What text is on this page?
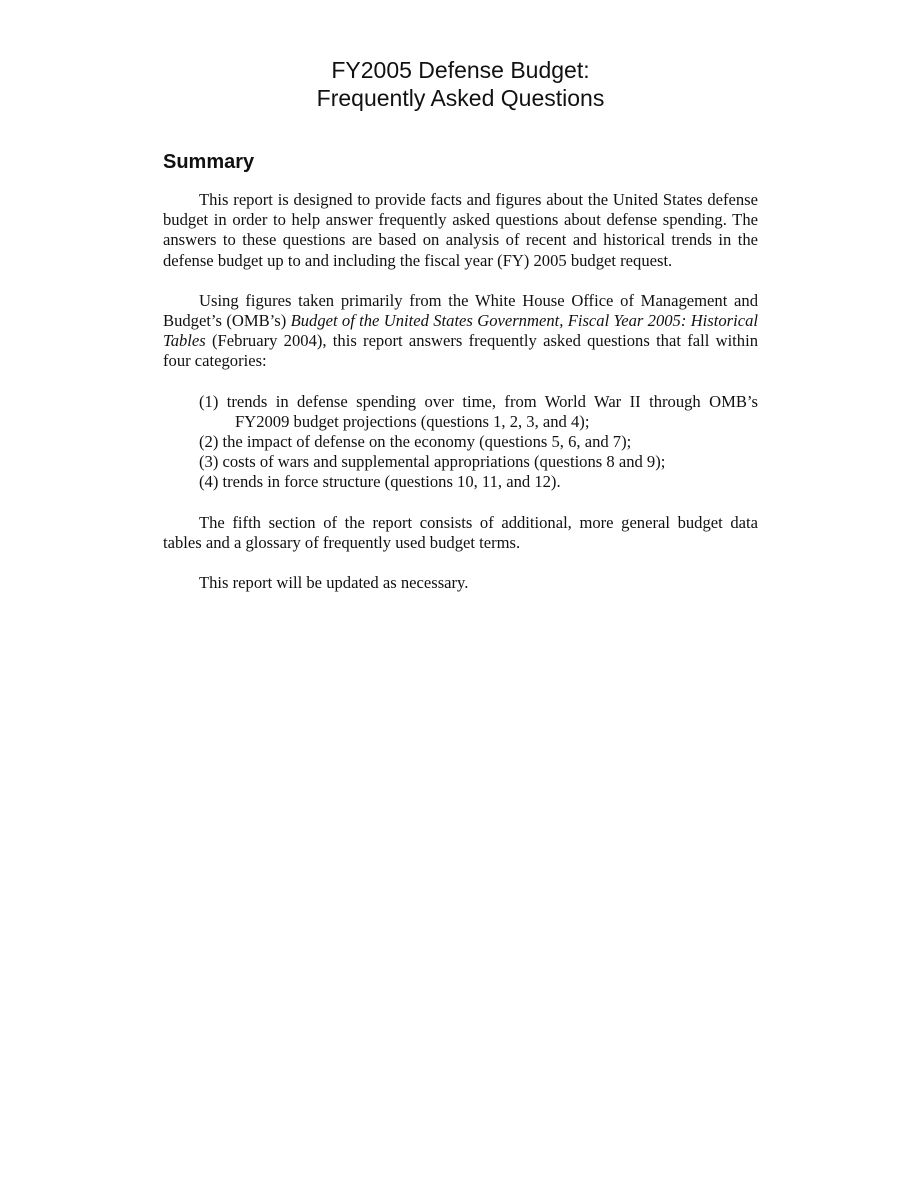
FY2005 Defense Budget:
Frequently Asked Questions
Summary

This report is designed to provide facts and figures about the United States defense budget in order to help answer frequently asked questions about defense spending. The answers to these questions are based on analysis of recent and historical trends in the defense budget up to and including the fiscal year (FY) 2005 budget request.

Using figures taken primarily from the White House Office of Management and Budget’s (OMB’s) Budget of the United States Government, Fiscal Year 2005: Historical Tables (February 2004), this report answers frequently asked questions that fall within four categories:

(1) trends in defense spending over time, from World War II through OMB’s FY2009 budget projections (questions 1, 2, 3, and 4);
(2) the impact of defense on the economy (questions 5, 6, and 7);
(3) costs of wars and supplemental appropriations (questions 8 and 9);
(4) trends in force structure (questions 10, 11, and 12).

The fifth section of the report consists of additional, more general budget data tables and a glossary of frequently used budget terms.

This report will be updated as necessary.
